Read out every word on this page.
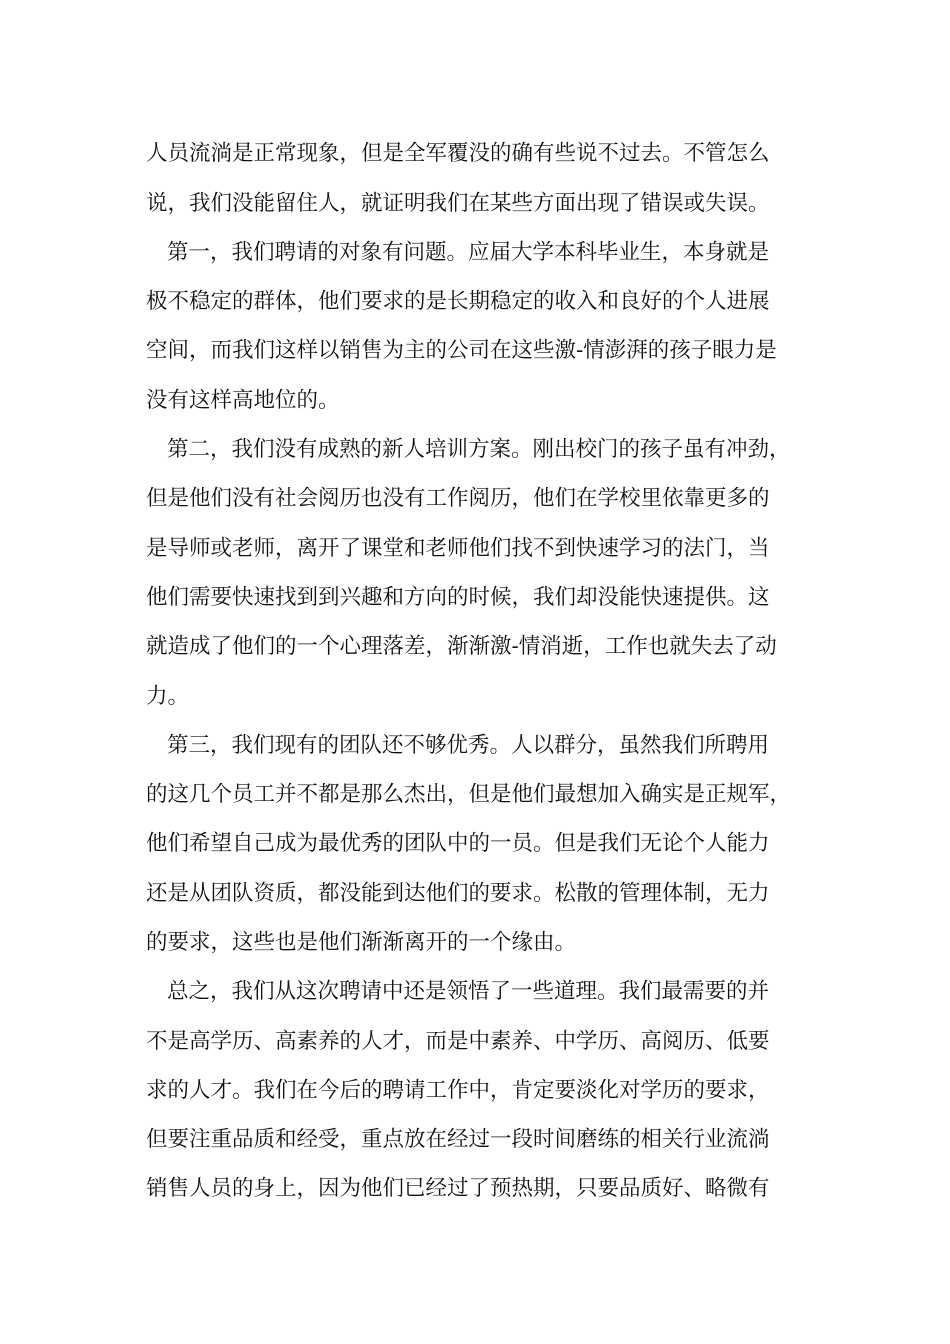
人员流淌是正常现象，但是全军覆没的确有些说不过去。不管怎么
说，我们没能留住人，就证明我们在某些方面出现了错误或失误。
第一，我们聘请的对象有问题。应届大学本科毕业生，本身就是
极不稳定的群体，他们要求的是长期稳定的收入和良好的个人进展
空间，而我们这样以销售为主的公司在这些激-情澎湃的孩子眼力是
没有这样高地位的。
第二，我们没有成熟的新人培训方案。刚出校门的孩子虽有冲劲，
但是他们没有社会阅历也没有工作阅历，他们在学校里依靠更多的
是导师或老师，离开了课堂和老师他们找不到快速学习的法门，当
他们需要快速找到到兴趣和方向的时候，我们却没能快速提供。这
就造成了他们的一个心理落差，渐渐激-情消逝，工作也就失去了动
力。
第三，我们现有的团队还不够优秀。人以群分，虽然我们所聘用
的这几个员工并不都是那么杰出，但是他们最想加入确实是正规军，
他们希望自己成为最优秀的团队中的一员。但是我们无论个人能力
还是从团队资质，都没能到达他们的要求。松散的管理体制，无力
的要求，这些也是他们渐渐离开的一个缘由。
总之，我们从这次聘请中还是领悟了一些道理。我们最需要的并
不是高学历、高素养的人才，而是中素养、中学历、高阅历、低要
求的人才。我们在今后的聘请工作中，肯定要淡化对学历的要求，
但要注重品质和经受，重点放在经过一段时间磨练的相关行业流淌
销售人员的身上，因为他们已经过了预热期，只要品质好、略微有
